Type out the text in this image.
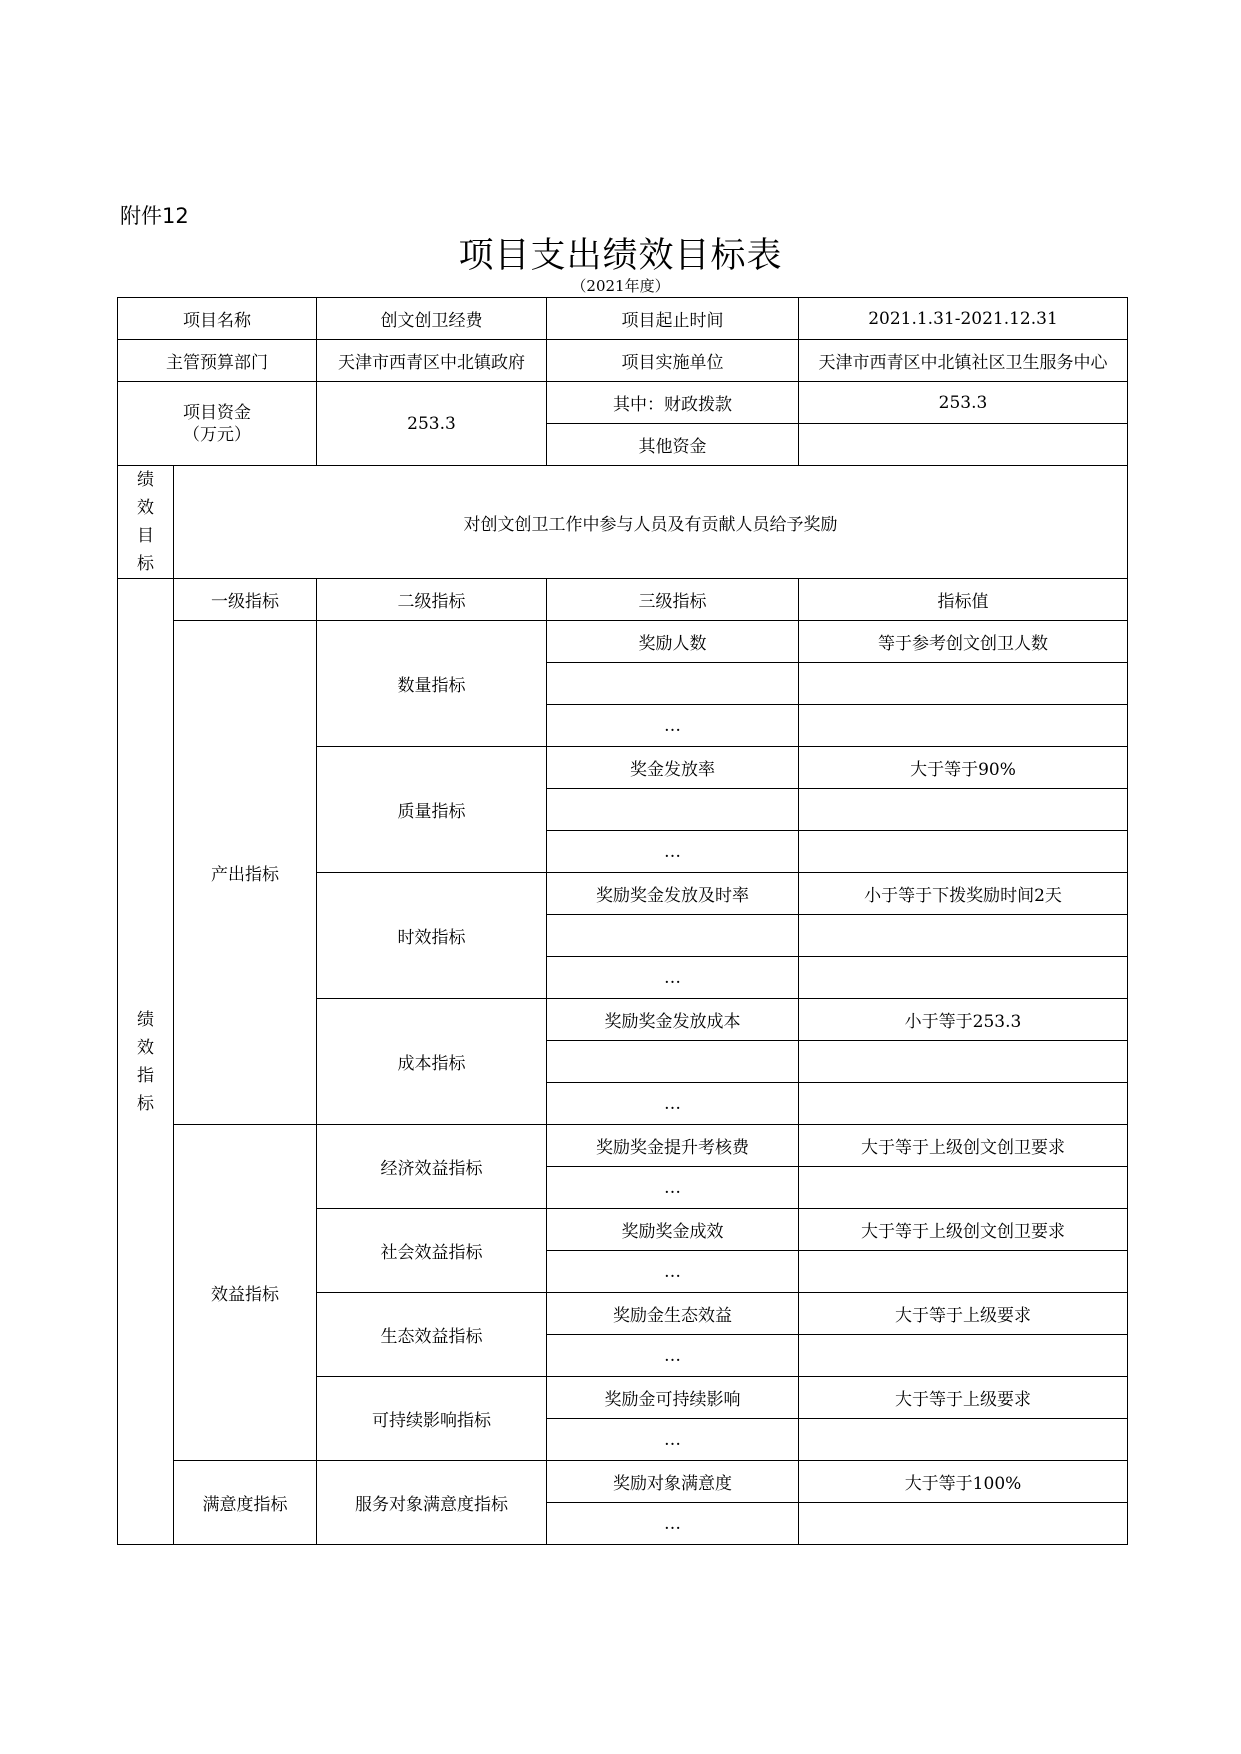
附件12
项目支出绩效目标表
（2021年度）
项目名称		创文创卫经费	项目起止时间	2021.1.31-2021.12.31
主管预算部门		天津市西青区中北镇政府	项目实施单位	天津市西青区中北镇社区卫生服务中心

项目资金
（万元）		253.3	其中：财政拨款	253.3
			其他资金	

绩
效
目
标	对创文创卫工作中参与人员及有贡献人员给予奖励			

绩
效
指
标	一级指标	二级指标	三级指标	指标值
	产出指标	数量指标	奖励人数	等于参考创文创卫人数

			…	
		质量指标	奖金发放率	大于等于90%

			…	
		时效指标	奖励奖金发放及时率	小于等于下拨奖励时间2天

			…	
		成本指标	奖励奖金发放成本	小于等于253.3

			…	
	效益指标	经济效益指标	奖励奖金提升考核费	大于等于上级创文创卫要求
			…	
		社会效益指标	奖励奖金成效	大于等于上级创文创卫要求
			…	
		生态效益指标	奖励金生态效益	大于等于上级要求
			…	
		可持续影响指标	奖励金可持续影响	大于等于上级要求
			…	
	满意度指标	服务对象满意度指标	奖励对象满意度	大于等于100%
			…	
